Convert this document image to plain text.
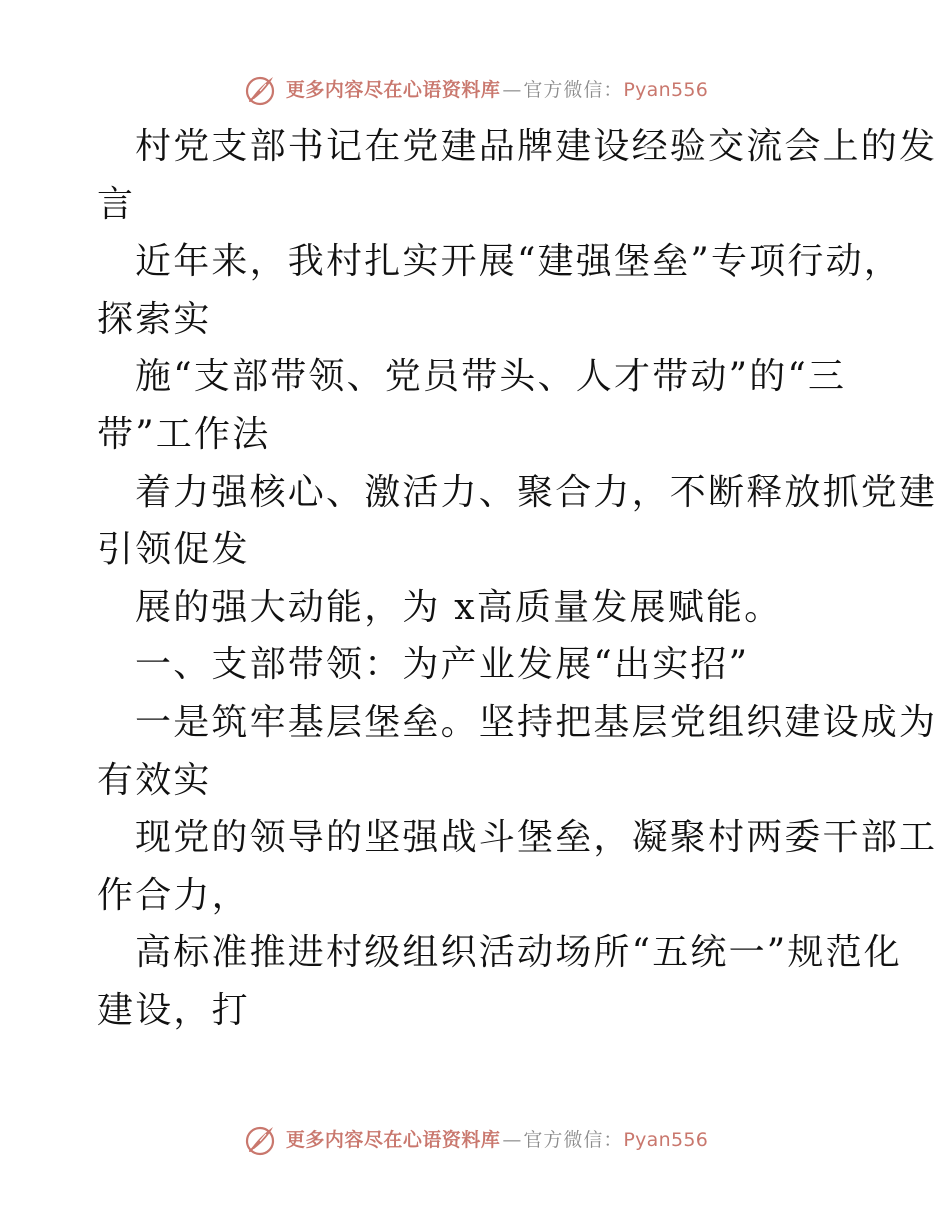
更多内容尽在心语资料库 — 官方微信： Pyan556
村党支部书记在党建品牌建设经验交流会上的发
言
近年来，我村扎实开展“建强堡垒”专项行动，
探索实
施“支部带领、党员带头、人才带动”的“三
带”工作法
着力强核心、激活力、聚合力，不断释放抓党建
引领促发
展的强大动能，为 x高质量发展赋能。
一、支部带领：为产业发展“出实招”
一是筑牢基层堡垒。坚持把基层党组织建设成为
有效实
现党的领导的坚强战斗堡垒，凝聚村两委干部工
作合力，
高标准推进村级组织活动场所“五统一”规范化
建设，打
更多内容尽在心语资料库 — 官方微信： Pyan556
